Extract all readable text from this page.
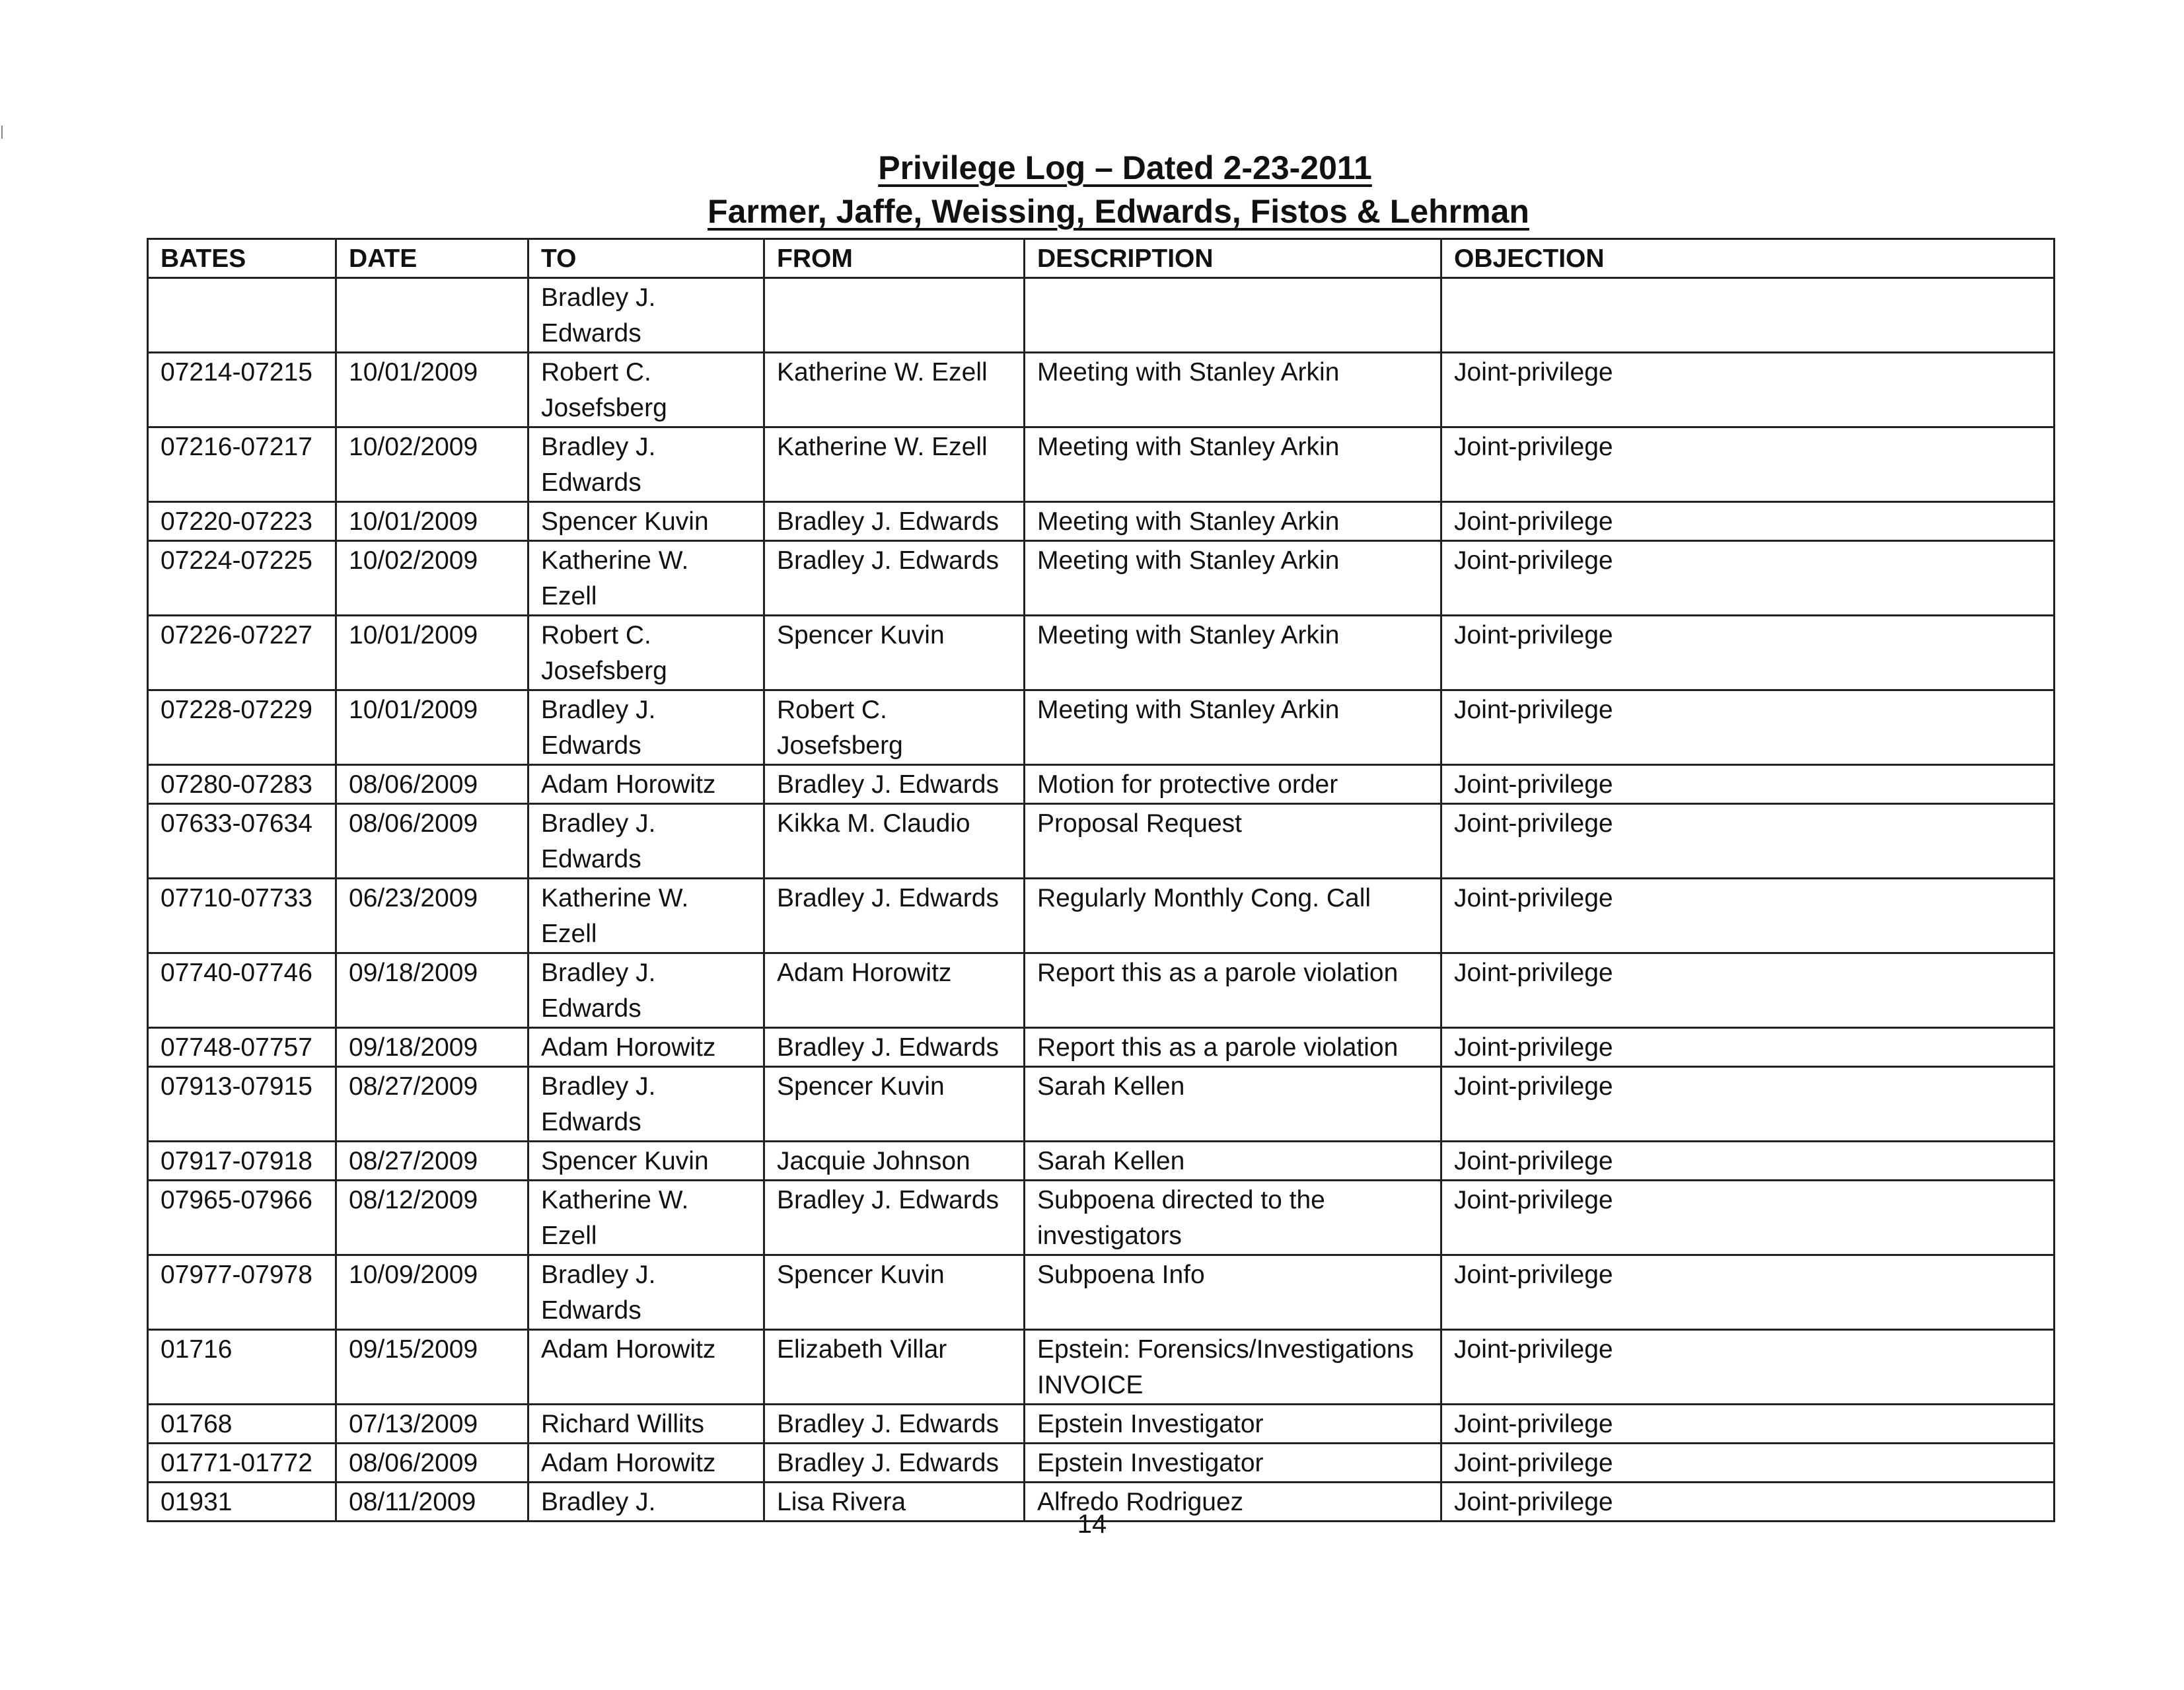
Privilege Log – Dated 2-23-2011
Farmer, Jaffe, Weissing, Edwards, Fistos & Lehrman
BATES	DATE	TO	FROM	DESCRIPTION	OBJECTION
		Bradley J. Edwards			
07214-07215	10/01/2009	Robert C. Josefsberg	Katherine W. Ezell	Meeting with Stanley Arkin	Joint-privilege
07216-07217	10/02/2009	Bradley J. Edwards	Katherine W. Ezell	Meeting with Stanley Arkin	Joint-privilege
07220-07223	10/01/2009	Spencer Kuvin	Bradley J. Edwards	Meeting with Stanley Arkin	Joint-privilege
07224-07225	10/02/2009	Katherine W. Ezell	Bradley J. Edwards	Meeting with Stanley Arkin	Joint-privilege
07226-07227	10/01/2009	Robert C. Josefsberg	Spencer Kuvin	Meeting with Stanley Arkin	Joint-privilege
07228-07229	10/01/2009	Bradley J. Edwards	Robert C. Josefsberg	Meeting with Stanley Arkin	Joint-privilege
07280-07283	08/06/2009	Adam Horowitz	Bradley J. Edwards	Motion for protective order	Joint-privilege
07633-07634	08/06/2009	Bradley J. Edwards	Kikka M. Claudio	Proposal Request	Joint-privilege
07710-07733	06/23/2009	Katherine W. Ezell	Bradley J. Edwards	Regularly Monthly Cong. Call	Joint-privilege
07740-07746	09/18/2009	Bradley J. Edwards	Adam Horowitz	Report this as a parole violation	Joint-privilege
07748-07757	09/18/2009	Adam Horowitz	Bradley J. Edwards	Report this as a parole violation	Joint-privilege
07913-07915	08/27/2009	Bradley J. Edwards	Spencer Kuvin	Sarah Kellen	Joint-privilege
07917-07918	08/27/2009	Spencer Kuvin	Jacquie Johnson	Sarah Kellen	Joint-privilege
07965-07966	08/12/2009	Katherine W. Ezell	Bradley J. Edwards	Subpoena directed to the investigators	Joint-privilege
07977-07978	10/09/2009	Bradley J. Edwards	Spencer Kuvin	Subpoena Info	Joint-privilege
01716	09/15/2009	Adam Horowitz	Elizabeth Villar	Epstein: Forensics/Investigations INVOICE	Joint-privilege
01768	07/13/2009	Richard Willits	Bradley J. Edwards	Epstein Investigator	Joint-privilege
01771-01772	08/06/2009	Adam Horowitz	Bradley J. Edwards	Epstein Investigator	Joint-privilege
01931	08/11/2009	Bradley J.	Lisa Rivera	Alfredo Rodriguez	Joint-privilege
14
